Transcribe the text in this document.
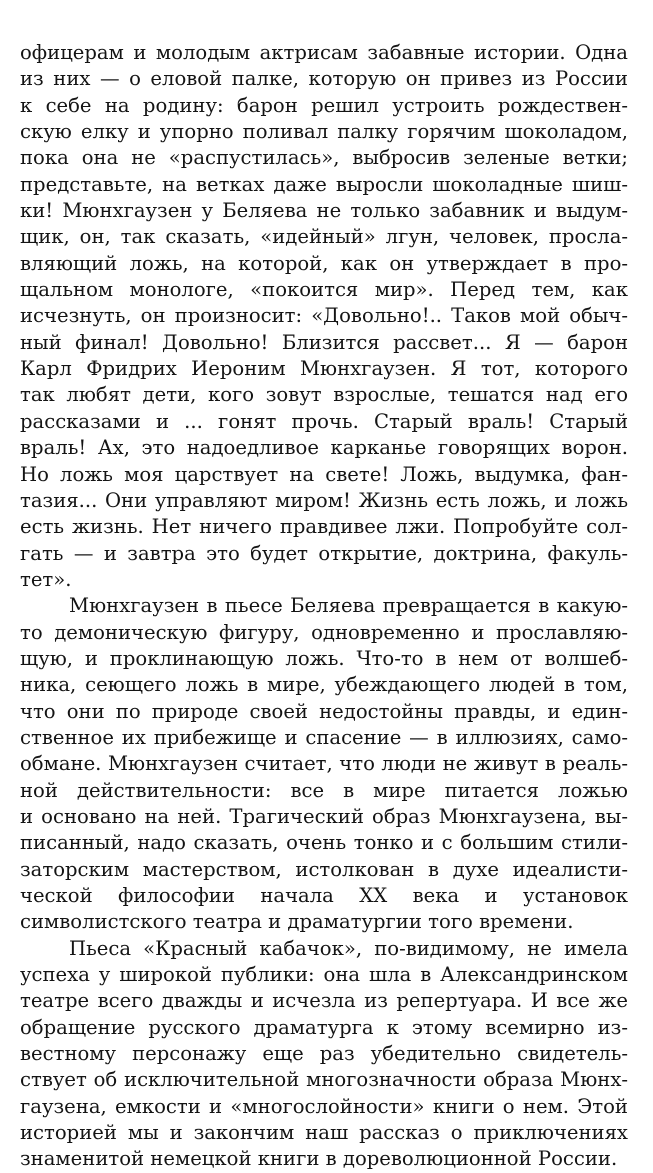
офицерам и молодым актрисам забавные истории. Одна
из них — о еловой палке, которую он привез из России
к себе на родину: барон решил устроить рождествен-
скую елку и упорно поливал палку горячим шоколадом,
пока она не «распустилась», выбросив зеленые ветки;
представьте, на ветках даже выросли шоколадные шиш-
ки! Мюнхгаузен у Беляева не только забавник и выдум-
щик, он, так сказать, «идейный» лгун, человек, просла-
вляющий ложь, на которой, как он утверждает в про-
щальном монологе, «покоится мир». Перед тем, как
исчезнуть, он произносит: «Довольно!.. Таков мой обыч-
ный финал! Довольно! Близится рассвет... Я — барон
Карл Фридрих Иероним Мюнхгаузен. Я тот, которого
так любят дети, кого зовут взрослые, тешатся над его
рассказами и ... гонят прочь. Старый враль! Старый
враль! Ах, это надоедливое карканье говорящих ворон.
Но ложь моя царствует на свете! Ложь, выдумка, фан-
тазия... Они управляют миром! Жизнь есть ложь, и ложь
есть жизнь. Нет ничего правдивее лжи. Попробуйте сол-
гать — и завтра это будет открытие, доктрина, факуль-
тет».
Мюнхгаузен в пьесе Беляева превращается в какую-
то демоническую фигуру, одновременно и прославляю-
щую, и проклинающую ложь. Что-то в нем от волшеб-
ника, сеющего ложь в мире, убеждающего людей в том,
что они по природе своей недостойны правды, и един-
ственное их прибежище и спасение — в иллюзиях, само-
обмане. Мюнхгаузен считает, что люди не живут в реаль-
ной действительности: все в мире питается ложью
и основано на ней. Трагический образ Мюнхгаузена, вы-
писанный, надо сказать, очень тонко и с большим стили-
заторским мастерством, истолкован в духе идеалисти-
ческой философии начала XX века и установок
символистского театра и драматургии того времени.
Пьеса «Красный кабачок», по-видимому, не имела
успеха у широкой публики: она шла в Александринском
театре всего дважды и исчезла из репертуара. И все же
обращение русского драматурга к этому всемирно из-
вестному персонажу еще раз убедительно свидетель-
ствует об исключительной многозначности образа Мюнх-
гаузена, емкости и «многослойности» книги о нем. Этой
историей мы и закончим наш рассказ о приключениях
знаменитой немецкой книги в дореволюционной России.
